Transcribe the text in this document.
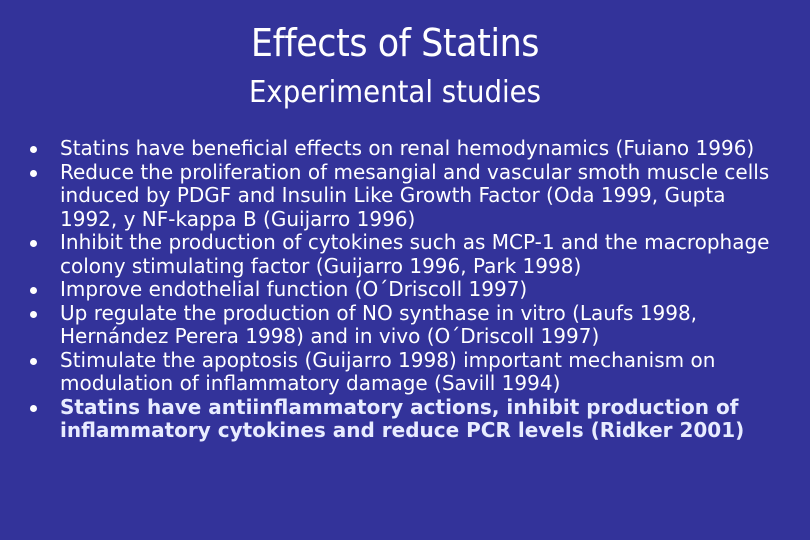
Effects of Statins
Experimental studies
Statins have beneficial effects on renal hemodynamics (Fuiano 1996)
Reduce the proliferation of mesangial and vascular smoth muscle cells induced by PDGF and Insulin Like Growth Factor (Oda 1999, Gupta 1992, y NF-kappa B (Guijarro 1996)
Inhibit the production of cytokines such as MCP-1 and the macrophage colony stimulating factor (Guijarro 1996, Park 1998)
Improve endothelial function (O´Driscoll 1997)
Up regulate the production of NO synthase in vitro (Laufs 1998, Hernández Perera 1998) and in vivo (O´Driscoll 1997)
Stimulate the apoptosis (Guijarro 1998) important mechanism on modulation of inflammatory damage (Savill 1994)
Statins have antiinflammatory actions, inhibit production of inflammatory cytokines and reduce PCR levels (Ridker 2001)
